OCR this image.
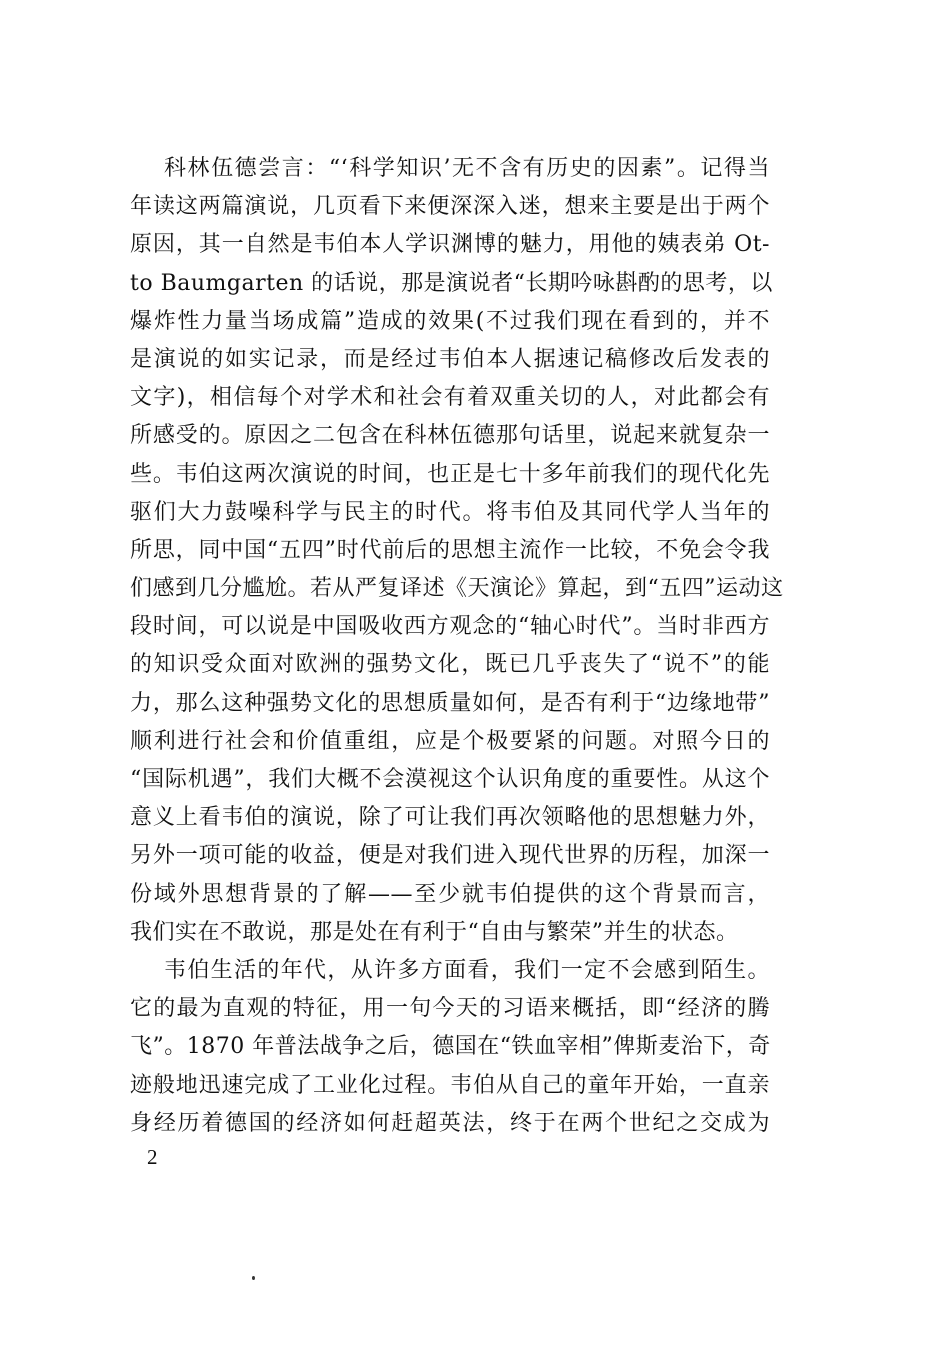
科林伍德尝言：“‘科学知识’无不含有历史的因素”。记得当
年读这两篇演说，几页看下来便深深入迷，想来主要是出于两个
原因，其一自然是韦伯本人学识渊博的魅力，用他的姨表弟 Ot-
to Baumgarten 的话说，那是演说者“长期吟咏斟酌的思考，以
爆炸性力量当场成篇”造成的效果(不过我们现在看到的，并不
是演说的如实记录，而是经过韦伯本人据速记稿修改后发表的
文字)，相信每个对学术和社会有着双重关切的人，对此都会有
所感受的。原因之二包含在科林伍德那句话里，说起来就复杂一
些。韦伯这两次演说的时间，也正是七十多年前我们的现代化先
驱们大力鼓噪科学与民主的时代。将韦伯及其同代学人当年的
所思，同中国“五四”时代前后的思想主流作一比较，不免会令我
们感到几分尴尬。若从严复译述《天演论》算起，到“五四”运动这
段时间，可以说是中国吸收西方观念的“轴心时代”。当时非西方
的知识受众面对欧洲的强势文化，既已几乎丧失了“说不”的能
力，那么这种强势文化的思想质量如何，是否有利于“边缘地带”
顺利进行社会和价值重组，应是个极要紧的问题。对照今日的
“国际机遇”，我们大概不会漠视这个认识角度的重要性。从这个
意义上看韦伯的演说，除了可让我们再次领略他的思想魅力外，
另外一项可能的收益，便是对我们进入现代世界的历程，加深一
份域外思想背景的了解——至少就韦伯提供的这个背景而言，
我们实在不敢说，那是处在有利于“自由与繁荣”并生的状态。
韦伯生活的年代，从许多方面看，我们一定不会感到陌生。
它的最为直观的特征，用一句今天的习语来概括，即“经济的腾
飞”。1870 年普法战争之后，德国在“铁血宰相”俾斯麦治下，奇
迹般地迅速完成了工业化过程。韦伯从自己的童年开始，一直亲
身经历着德国的经济如何赶超英法，终于在两个世纪之交成为
2
